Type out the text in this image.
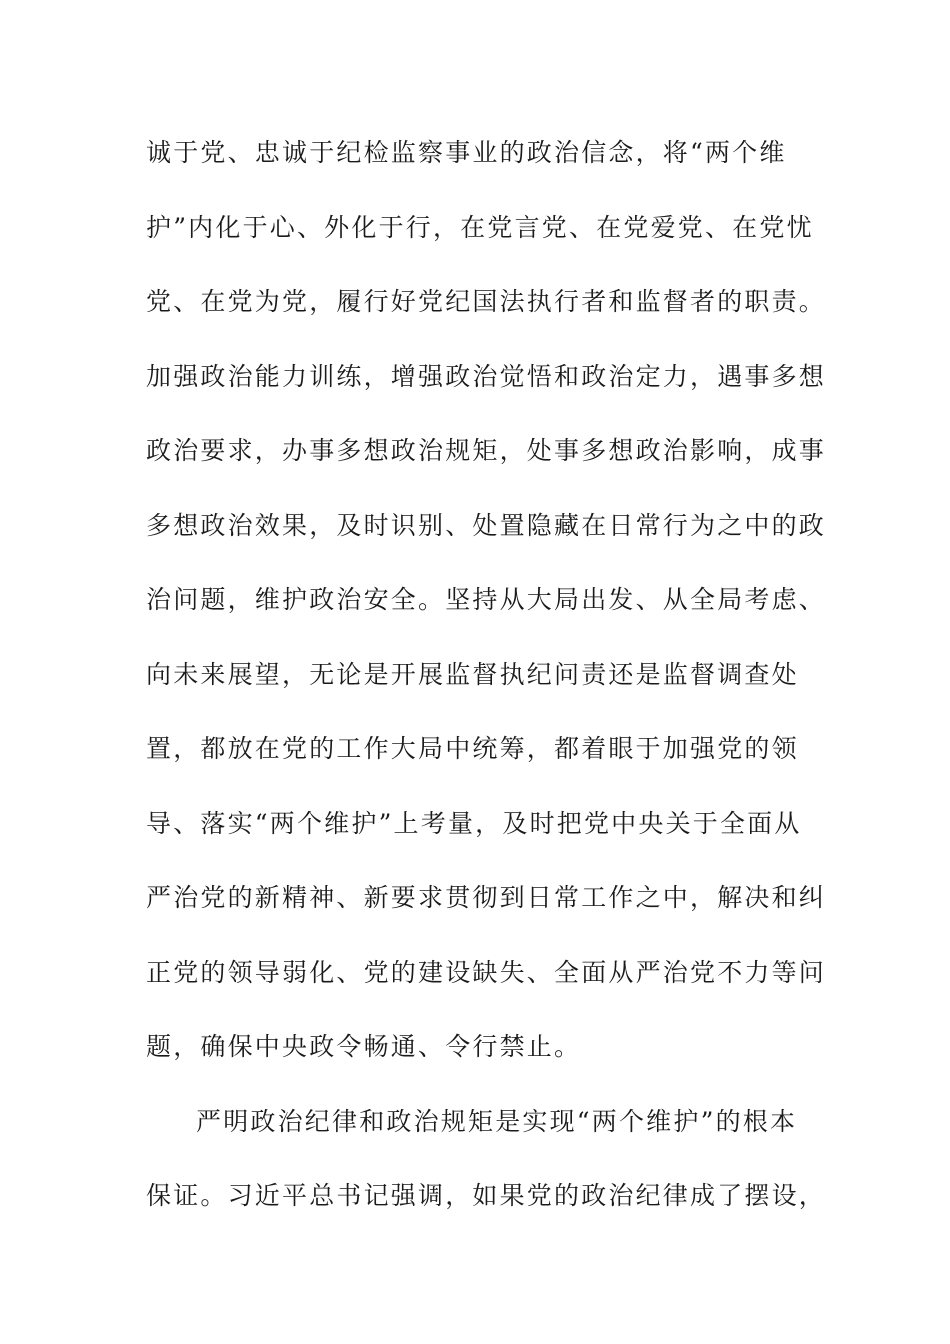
诚于党、忠诚于纪检监察事业的政治信念，将“两个维
护”内化于心、外化于行，在党言党、在党爱党、在党忧
党、在党为党，履行好党纪国法执行者和监督者的职责。
加强政治能力训练，增强政治觉悟和政治定力，遇事多想
政治要求，办事多想政治规矩，处事多想政治影响，成事
多想政治效果，及时识别、处置隐藏在日常行为之中的政
治问题，维护政治安全。坚持从大局出发、从全局考虑、
向未来展望，无论是开展监督执纪问责还是监督调查处
置，都放在党的工作大局中统筹，都着眼于加强党的领
导、落实“两个维护”上考量，及时把党中央关于全面从
严治党的新精神、新要求贯彻到日常工作之中，解决和纠
正党的领导弱化、党的建设缺失、全面从严治党不力等问
题，确保中央政令畅通、令行禁止。
严明政治纪律和政治规矩是实现“两个维护”的根本
保证。习近平总书记强调，如果党的政治纪律成了摆设，
